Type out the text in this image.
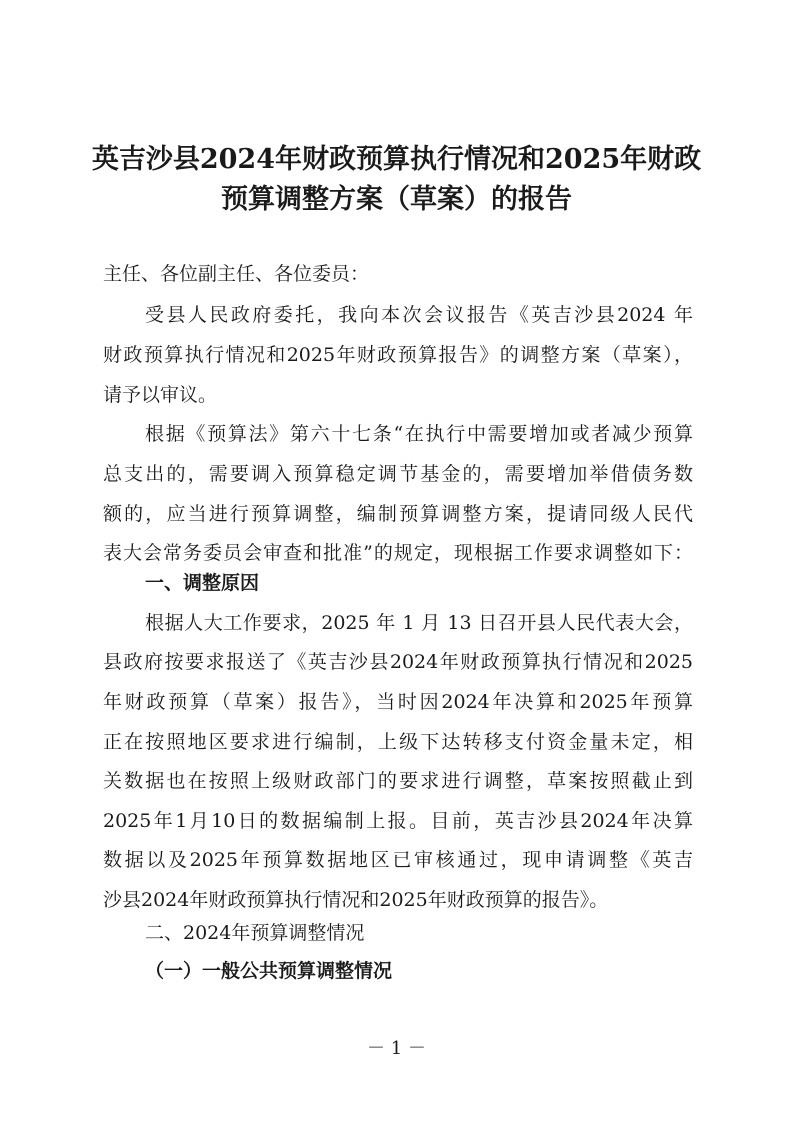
英吉沙县2024年财政预算执行情况和2025年财政
预算调整方案（草案）的报告
主任、各位副主任、各位委员：
受县人民政府委托，我向本次会议报告《英吉沙县2024 年
财政预算执行情况和2025年财政预算报告》的调整方案（草案），
请予以审议。
根据《预算法》第六十七条“在执行中需要增加或者减少预算
总支出的，需要调入预算稳定调节基金的，需要增加举借债务数
额的，应当进行预算调整，编制预算调整方案，提请同级人民代
表大会常务委员会审查和批准”的规定，现根据工作要求调整如下：
一、调整原因
根据人大工作要求，2025 年 1 月 13 日召开县人民代表大会，
县政府按要求报送了《英吉沙县2024年财政预算执行情况和2025
年财政预算（草案）报告》，当时因2024年决算和2025年预算
正在按照地区要求进行编制，上级下达转移支付资金量未定，相
关数据也在按照上级财政部门的要求进行调整，草案按照截止到
2025年1月10日的数据编制上报。目前，英吉沙县2024年决算
数据以及2025年预算数据地区已审核通过，现申请调整《英吉
沙县2024年财政预算执行情况和2025年财政预算的报告》。
二、2024年预算调整情况
（一）一般公共预算调整情况
－ 1 －
